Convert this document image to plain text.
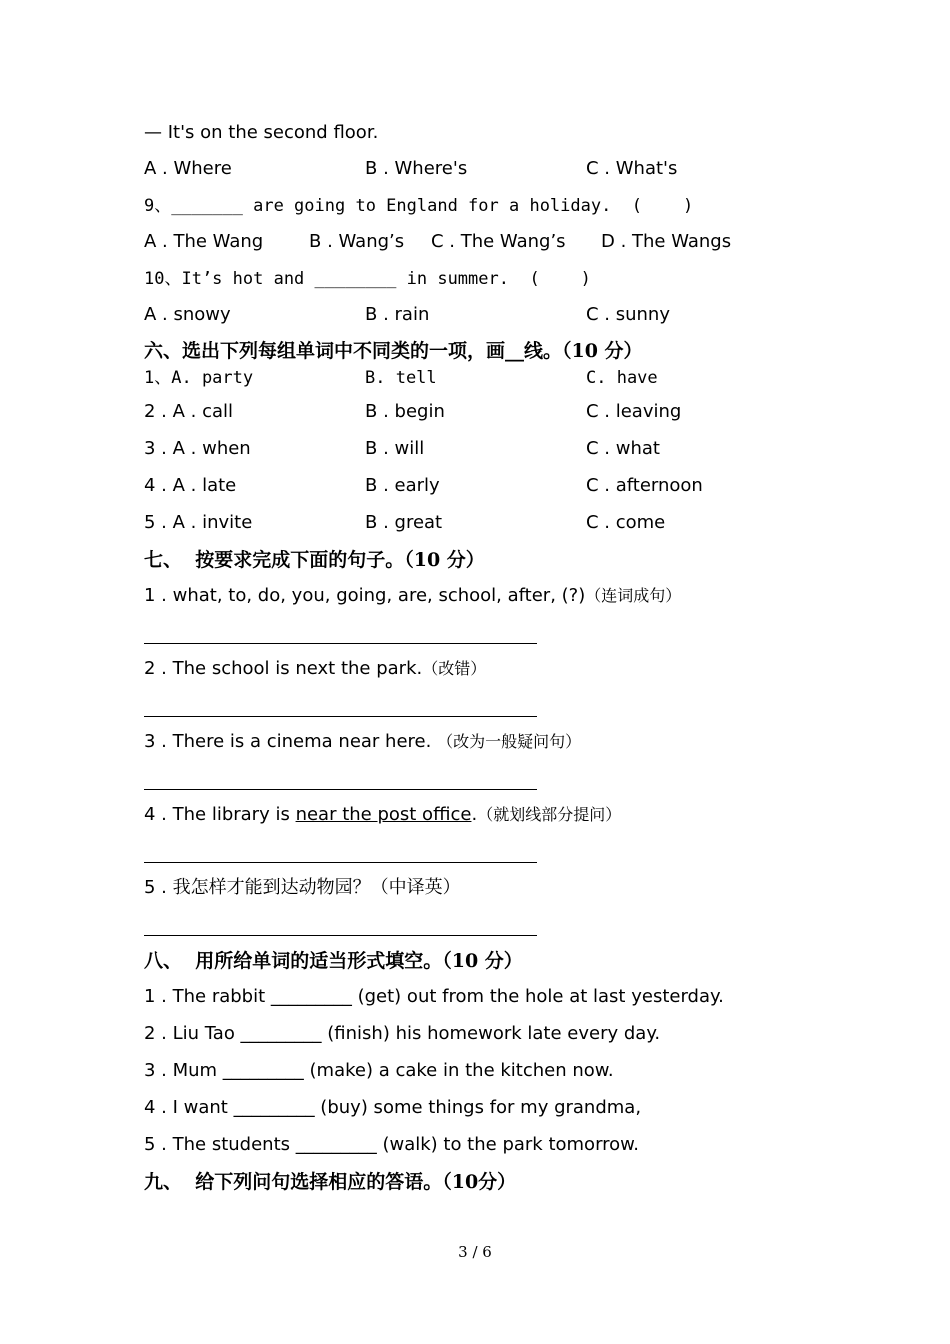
— It's on the second floor.
A . Where	B . Where's	C . What's
9、_______ are going to England for a holiday.  (    )
A . The Wang	B . Wang’s C . The Wang’s D . The Wangs
10、It’s hot and ________ in summer.  (    )
A . snowy	B . rain	C . sunny
六、选出下列每组单词中不同类的一项，画__线。（10 分）
1、A. party	B. tell	C. have
2 . A . call	B . begin	C . leaving
3 . A . when	B . will	C . what
4 . A . late	B . early	C . afternoon
5 . A . invite	B . great	C . come
七、  按要求完成下面的句子。（10 分）
1 . what, to, do, you, going, are, school, after, (?)（连词成句）
2 . The school is next the park.（改错）
3 . There is a cinema near here. （改为一般疑问句）
4 . The library is near the post office.（就划线部分提问）
5 . 我怎样才能到达动物园？（中译英）
八、  用所给单词的适当形式填空。（10 分）
1 . The rabbit _________ (get) out from the hole at last yesterday.
2 . Liu Tao _________ (finish) his homework late every day.
3 . Mum _________ (make) a cake in the kitchen now.
4 . I want _________ (buy) some things for my grandma,
5 . The students _________ (walk) to the park tomorrow.
九、  给下列问句选择相应的答语。（10分）
3 / 6
